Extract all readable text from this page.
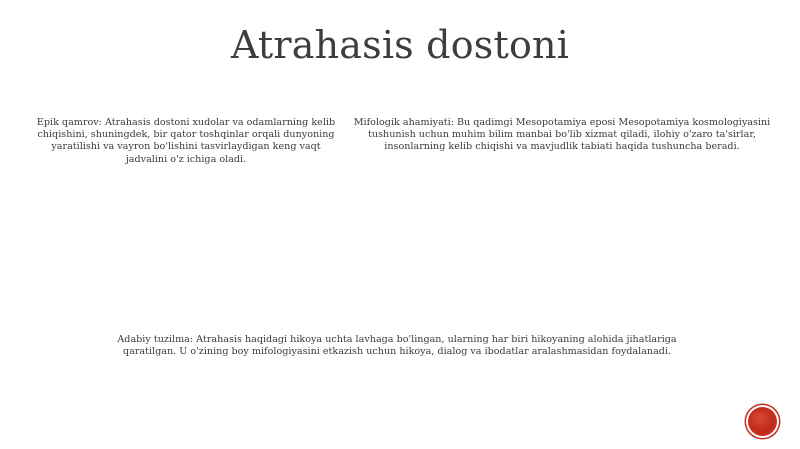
Atrahasis dostoni

Epik qamrov: Atrahasis dostoni xudolar va odamlarning kelib chiqishini, shuningdek, bir qator toshqinlar orqali dunyoning yaratilishi va vayron bo'lishini tasvirlaydigan keng vaqt jadvalini o'z ichiga oladi.

Mifologik ahamiyati: Bu qadimgi Mesopotamiya eposi Mesopotamiya kosmologiyasini tushunish uchun muhim bilim manbai bo'lib xizmat qiladi, ilohiy o'zaro ta'sirlar, insonlarning kelib chiqishi va mavjudlik tabiati haqida tushuncha beradi.

Adabiy tuzilma: Atrahasis haqidagi hikoya uchta lavhaga bo'lingan, ularning har biri hikoyaning alohida jihatlariga qaratilgan. U o'zining boy mifologiyasini etkazish uchun hikoya, dialog va ibodatlar aralashmasidan foydalanadi.
